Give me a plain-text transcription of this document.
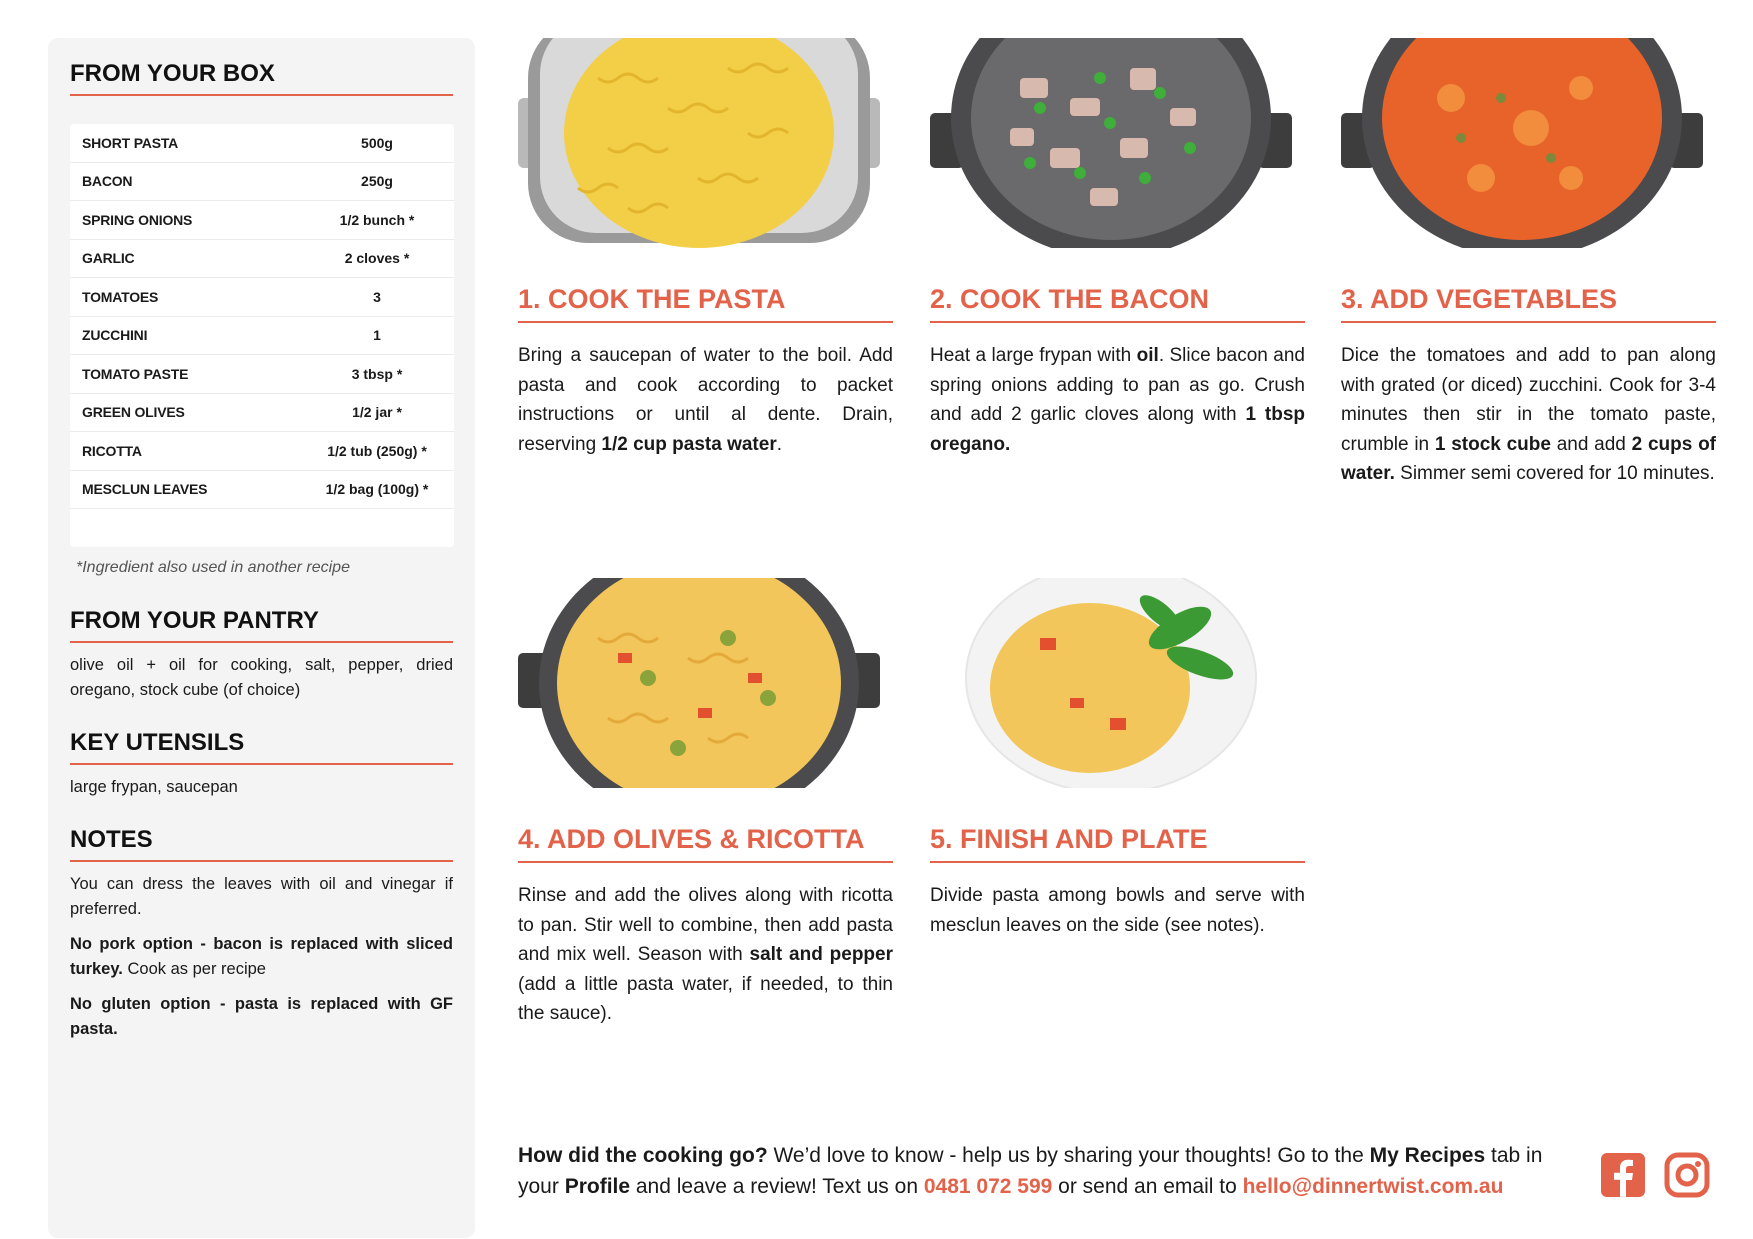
FROM YOUR BOX
SHORT PASTA	500g
BACON	250g
SPRING ONIONS	1/2 bunch *
GARLIC	2 cloves *
TOMATOES	3
ZUCCHINI	1
TOMATO PASTE	3 tbsp *
GREEN OLIVES	1/2 jar *
RICOTTA	1/2 tub (250g) *
MESCLUN LEAVES	1/2 bag (100g) *
*Ingredient also used in another recipe
FROM YOUR PANTRY
olive oil + oil for cooking, salt, pepper, dried oregano, stock cube (of choice)
KEY UTENSILS
large frypan, saucepan
NOTES
You can dress the leaves with oil and vinegar if preferred.
No pork option - bacon is replaced with sliced turkey. Cook as per recipe
No gluten option - pasta is replaced with GF pasta.
1. COOK THE PASTA
Bring a saucepan of water to the boil. Add pasta and cook according to packet instructions or until al dente. Drain, reserving 1/2 cup pasta water.
2. COOK THE BACON
Heat a large frypan with oil. Slice bacon and spring onions adding to pan as go. Crush and add 2 garlic cloves along with 1 tbsp oregano.
3. ADD VEGETABLES
Dice the tomatoes and add to pan along with grated (or diced) zucchini. Cook for 3-4 minutes then stir in the tomato paste, crumble in 1 stock cube and add 2 cups of water. Simmer semi covered for 10 minutes.
4. ADD OLIVES & RICOTTA
Rinse and add the olives along with ricotta to pan. Stir well to combine, then add pasta and mix well. Season with salt and pepper (add a little pasta water, if needed, to thin the sauce).
5. FINISH AND PLATE
Divide pasta among bowls and serve with mesclun leaves on the side (see notes).
How did the cooking go? We’d love to know - help us by sharing your thoughts! Go to the My Recipes tab in your Profile and leave a review! Text us on 0481 072 599 or send an email to hello@dinnertwist.com.au
